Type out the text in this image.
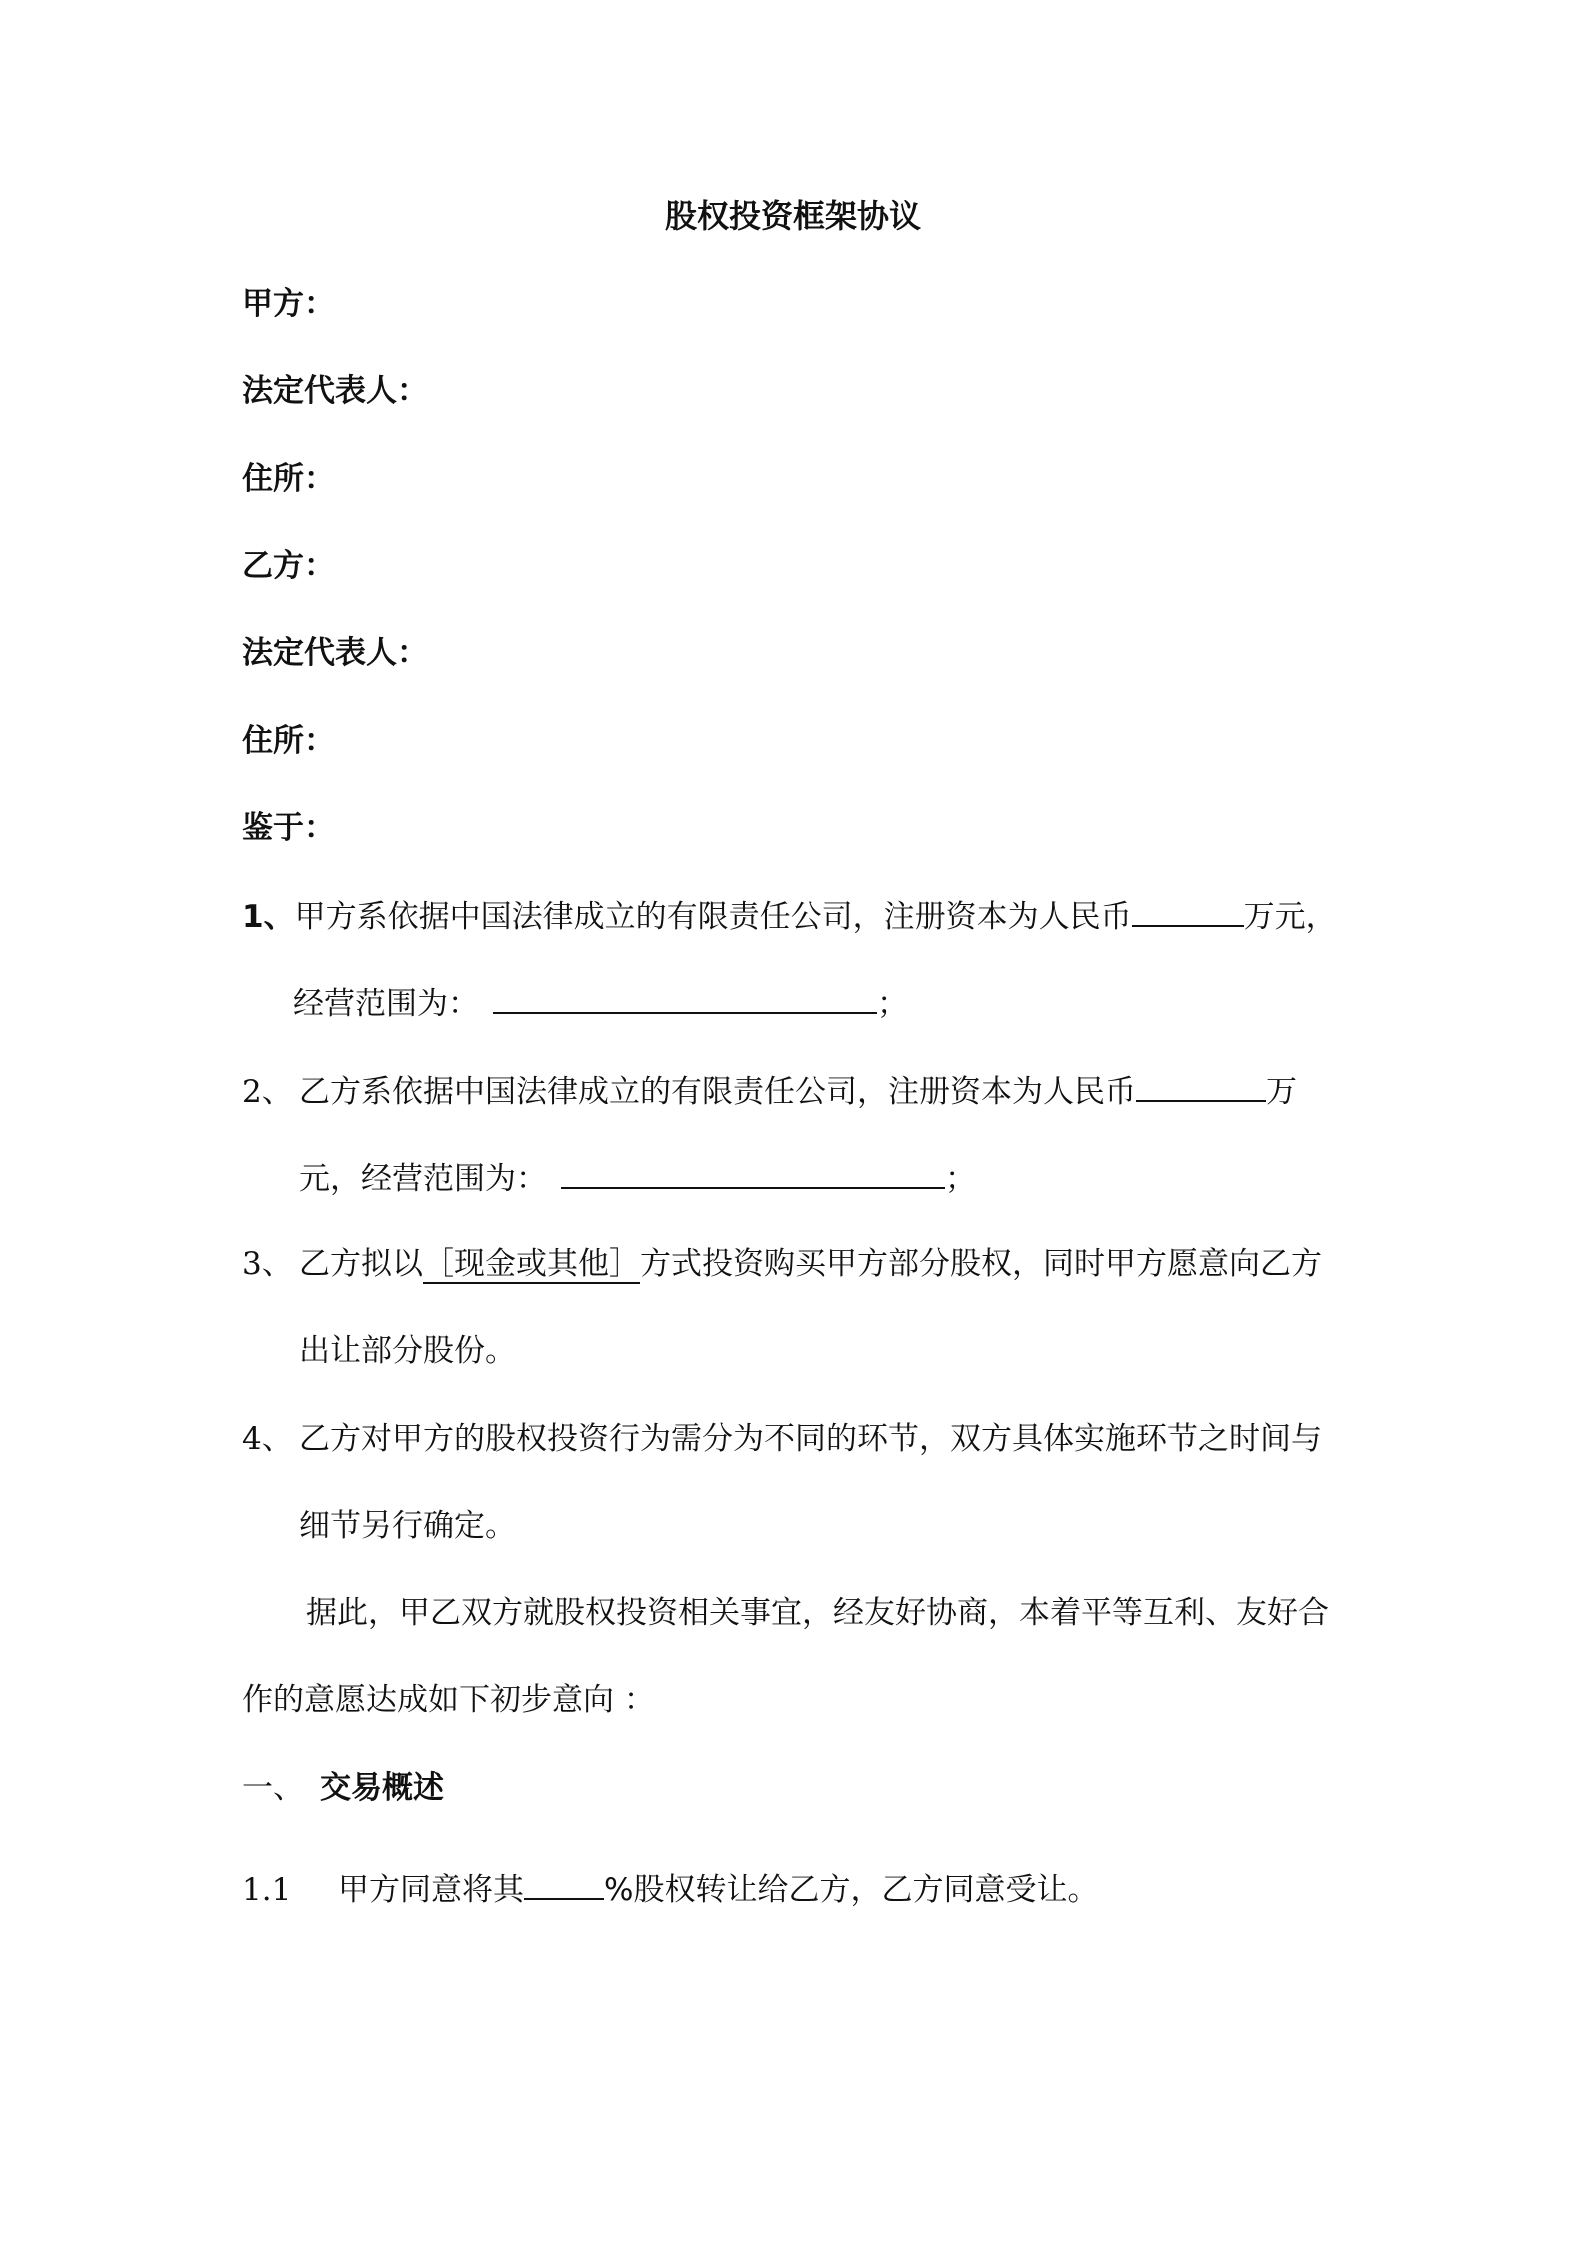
股权投资框架协议
甲方：
法定代表人：
住所：
乙方：
法定代表人：
住所：
鉴于：
1、甲方系依据中国法律成立的有限责任公司，注册资本为人民币	万元，
经营范围为：	；
2、 乙方系依据中国法律成立的有限责任公司，注册资本为人民币	万
元，经营范围为：	；
3、 乙方拟以［现金或其他］方式投资购买甲方部分股权，同时甲方愿意向乙方
出让部分股份。
4、 乙方对甲方的股权投资行为需分为不同的环节，双方具体实施环节之时间与
细节另行确定。
据此，甲乙双方就股权投资相关事宜，经友好协商，本着平等互利、友好合
作的意愿达成如下初步意向 ：
一、 交易概述
1.1 甲方同意将其	%股权转让给乙方，乙方同意受让。
